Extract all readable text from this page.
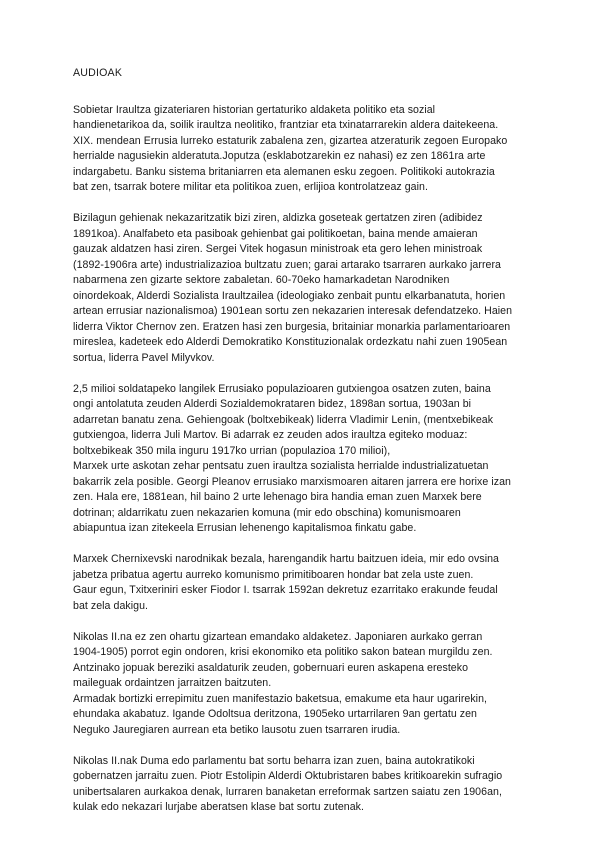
AUDIOAK
Sobietar Iraultza gizateriaren historian gertaturiko aldaketa politiko eta sozial
handienetarikoa da, soilik iraultza neolitiko, frantziar eta txinatarrarekin aldera daitekeena.
XIX. mendean Errusia lurreko estaturik zabalena zen, gizartea atzeraturik zegoen Europako
herrialde nagusiekin alderatuta.Joputza (esklabotzarekin ez nahasi) ez zen 1861ra arte
indargabetu. Banku sistema britaniarren eta alemanen esku zegoen. Politikoki autokrazia
bat zen, tsarrak botere militar eta politikoa zuen, erlijioa kontrolatzeaz gain.
Bizilagun gehienak nekazaritzatik bizi ziren, aldizka goseteak gertatzen ziren (adibidez
1891koa). Analfabeto eta pasiboak gehienbat gai politikoetan, baina mende amaieran
gauzak aldatzen hasi ziren. Sergei Vitek hogasun ministroak eta gero lehen ministroak
(1892-1906ra arte) industrializazioa bultzatu zuen; garai artarako tsarraren aurkako jarrera
nabarmena zen gizarte sektore zabaletan. 60-70eko hamarkadetan Narodniken
oinordekoak, Alderdi Sozialista Iraultzailea (ideologiako zenbait puntu elkarbanatuta, horien
artean errusiar nazionalismoa) 1901ean sortu zen nekazarien interesak defendatzeko. Haien
liderra Viktor Chernov zen. Eratzen hasi zen burgesia, britainiar monarkia parlamentarioaren
mireslea, kadeteek edo Alderdi Demokratiko Konstituzionalak ordezkatu nahi zuen 1905ean
sortua, liderra Pavel Milyvkov.
2,5 milioi soldatapeko langilek Errusiako populazioaren gutxiengoa osatzen zuten, baina
ongi antolatuta zeuden Alderdi Sozialdemokrataren bidez, 1898an sortua, 1903an bi
adarretan banatu zena. Gehiengoak (boltxebikeak) liderra Vladimir Lenin, (mentxebikeak
gutxiengoa, liderra Juli Martov. Bi adarrak ez zeuden ados iraultza egiteko moduaz:
boltxebikeak 350 mila inguru 1917ko urrian (populazioa 170 milioi),
Marxek urte askotan zehar pentsatu zuen iraultza sozialista herrialde industrializatuetan
bakarrik zela posible. Georgi Pleanov errusiako marxismoaren aitaren jarrera ere horixe izan
zen. Hala ere, 1881ean, hil baino 2 urte lehenago bira handia eman zuen Marxek bere
dotrinan; aldarrikatu zuen nekazarien komuna (mir edo obschina) komunismoaren
abiapuntua izan zitekeela Errusian lehenengo kapitalismoa finkatu gabe.
Marxek Chernixevski narodnikak bezala, harengandik hartu baitzuen ideia, mir edo ovsina
jabetza pribatua agertu aurreko komunismo primitiboaren hondar bat zela uste zuen.
Gaur egun, Txitxeriniri esker Fiodor I. tsarrak 1592an dekretuz ezarritako erakunde feudal
bat zela dakigu.
Nikolas II.na ez zen ohartu gizartean emandako aldaketez. Japoniaren aurkako gerran
1904-1905) porrot egin ondoren, krisi ekonomiko eta politiko sakon batean murgildu zen.
Antzinako jopuak bereziki asaldaturik zeuden, gobernuari euren askapena eresteko
maileguak ordaintzen jarraitzen baitzuten.
Armadak bortizki errepimitu zuen manifestazio baketsua, emakume eta haur ugarirekin,
ehundaka akabatuz. Igande Odoltsua deritzona, 1905eko urtarrilaren 9an gertatu zen
Neguko Jauregiaren aurrean eta betiko lausotu zuen tsarraren irudia.
Nikolas II.nak Duma edo parlamentu bat sortu beharra izan zuen, baina autokratikoki
gobernatzen jarraitu zuen. Piotr Estolipin Alderdi Oktubristaren babes kritikoarekin sufragio
unibertsalaren aurkakoa denak, lurraren banaketan erreformak sartzen saiatu zen 1906an,
kulak edo nekazari lurjabe aberatsen klase bat sortu zutenak.
